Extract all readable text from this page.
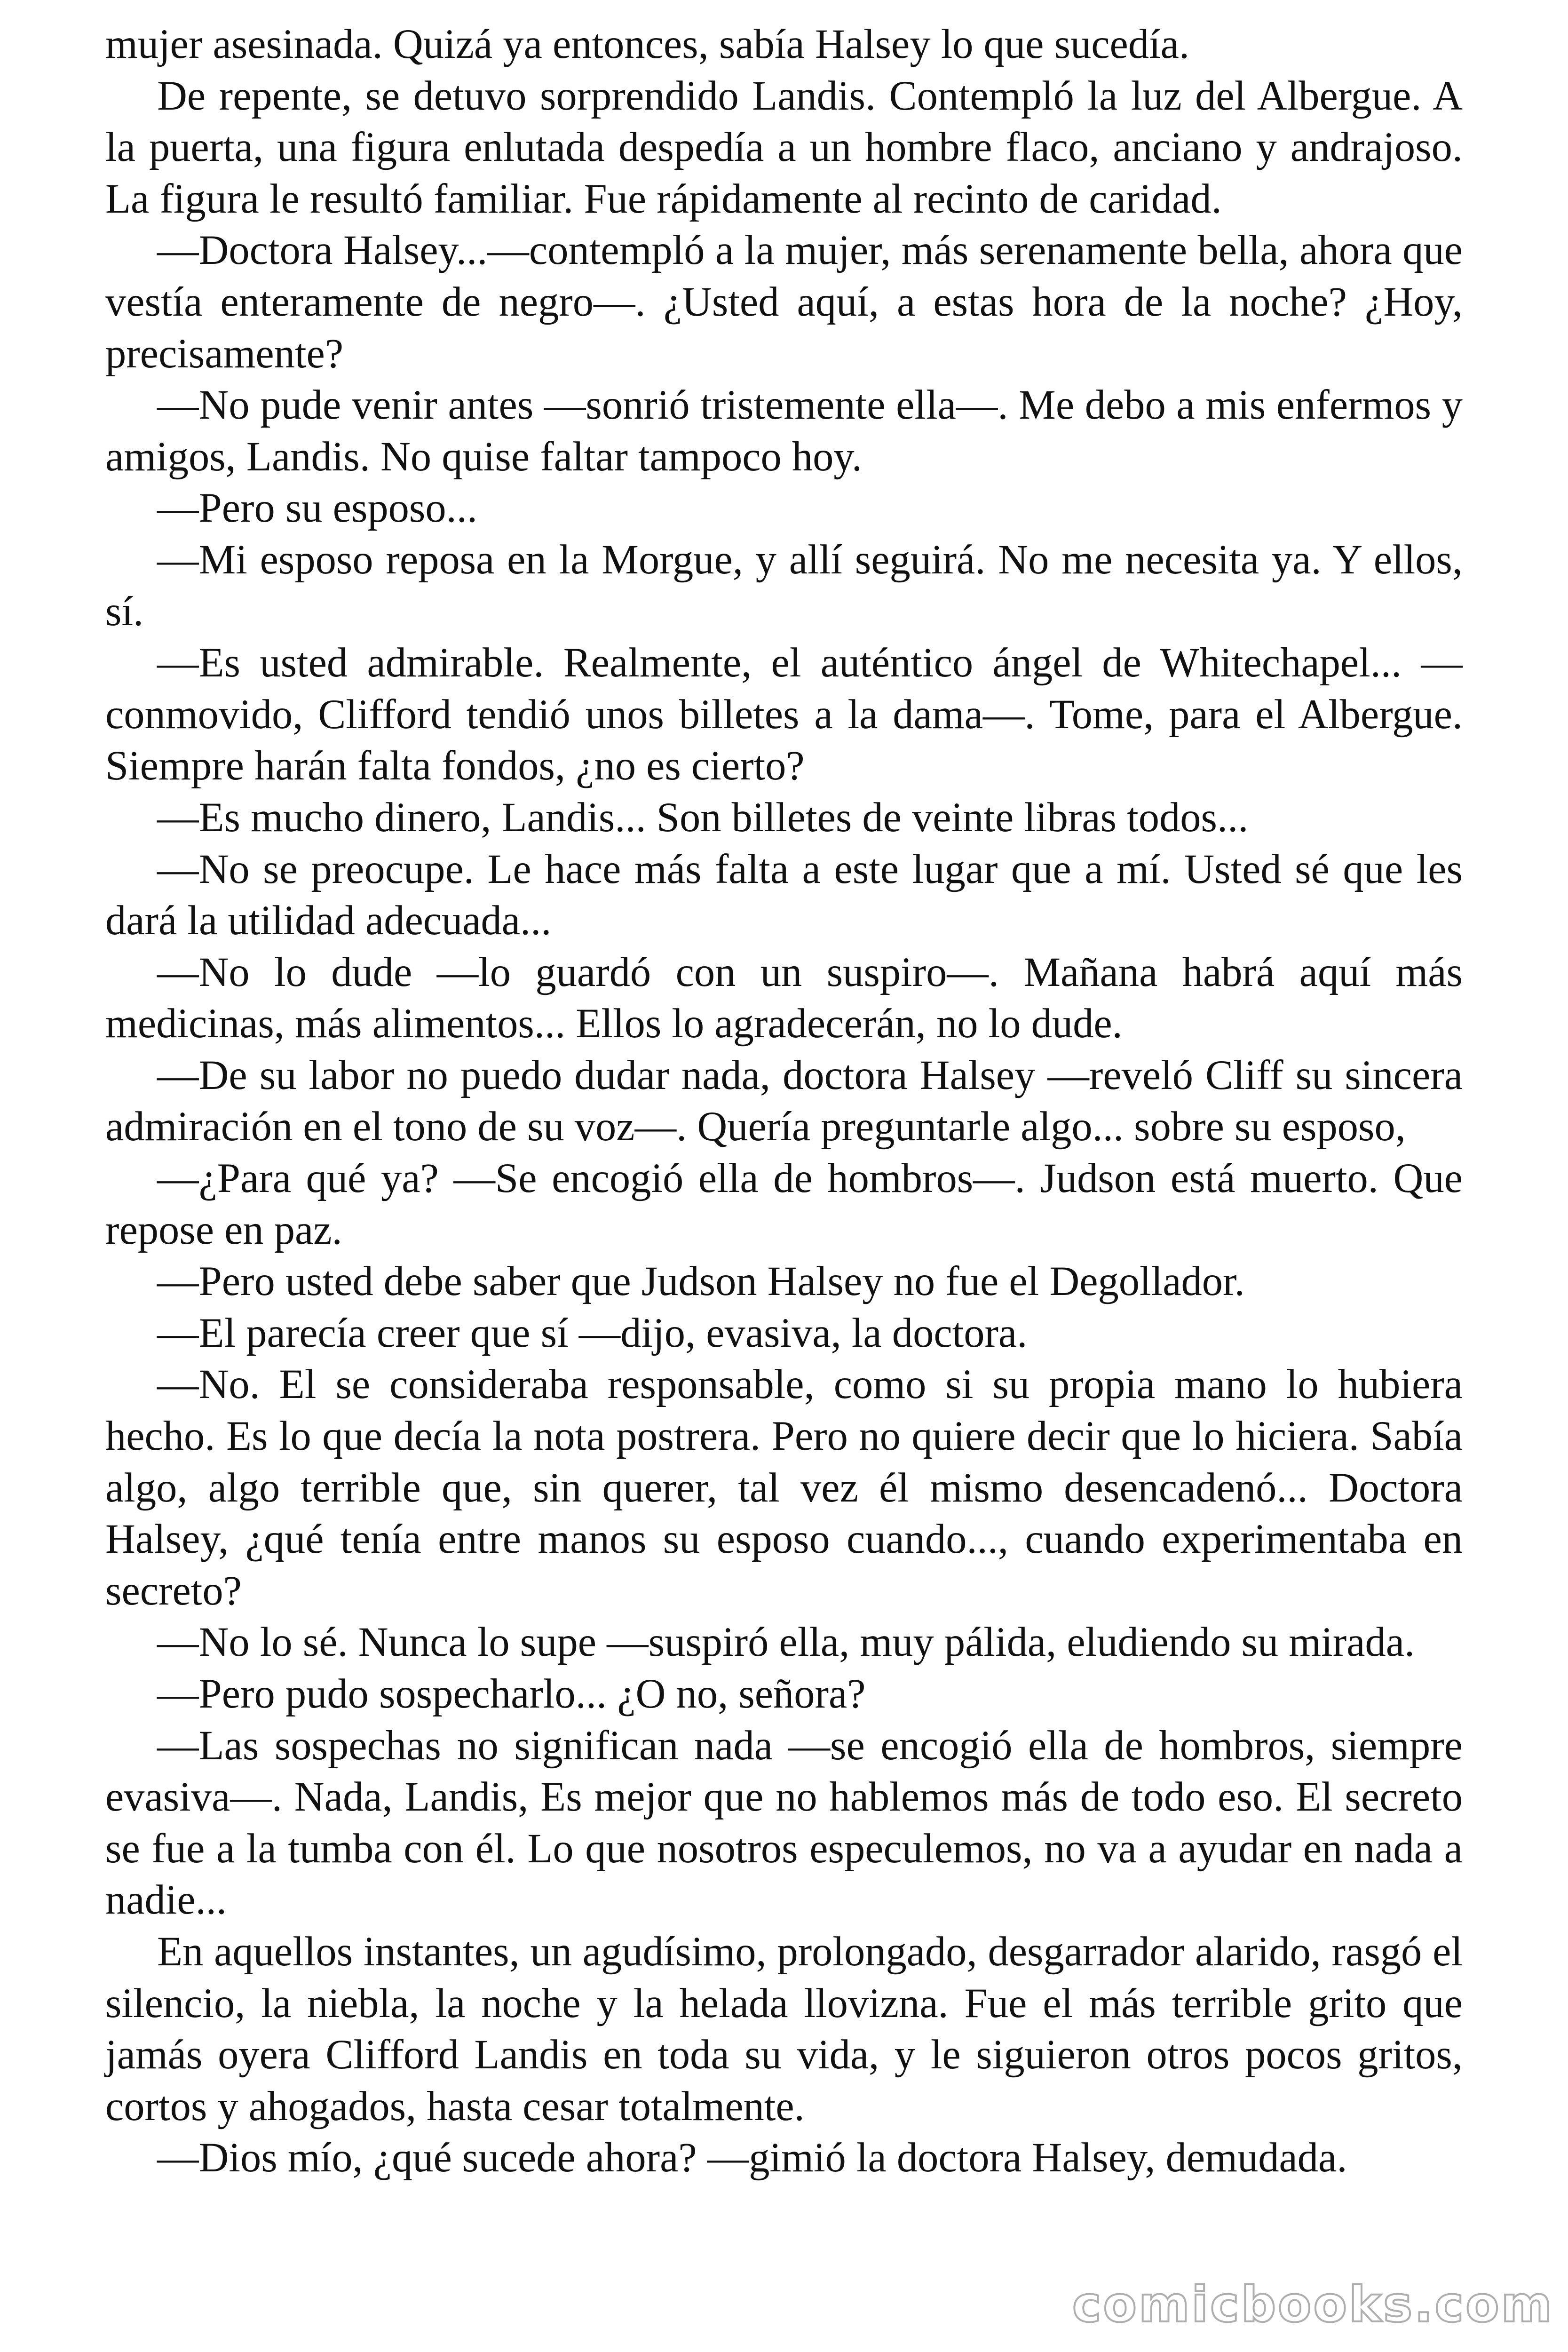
mujer asesinada. Quizá ya entonces, sabía Halsey lo que sucedía.

De repente, se detuvo sorprendido Landis. Contempló la luz del Albergue. A la puerta, una figura enlutada despedía a un hombre flaco, anciano y andrajoso. La figura le resultó familiar. Fue rápidamente al recinto de caridad.

—Doctora Halsey...—contempló a la mujer, más serenamente bella, ahora que vestía enteramente de negro—. ¿Usted aquí, a estas hora de la noche? ¿Hoy, precisamente?

—No pude venir antes —sonrió tristemente ella—. Me debo a mis enfermos y amigos, Landis. No quise faltar tampoco hoy.

—Pero su esposo...

—Mi esposo reposa en la Morgue, y allí seguirá. No me necesita ya. Y ellos, sí.

—Es usted admirable. Realmente, el auténtico ángel de Whitechapel... —conmovido, Clifford tendió unos billetes a la dama—. Tome, para el Albergue. Siempre harán falta fondos, ¿no es cierto?

—Es mucho dinero, Landis... Son billetes de veinte libras todos...

—No se preocupe. Le hace más falta a este lugar que a mí. Usted sé que les dará la utilidad adecuada...

—No lo dude —lo guardó con un suspiro—. Mañana habrá aquí más medicinas, más alimentos... Ellos lo agradecerán, no lo dude.

—De su labor no puedo dudar nada, doctora Halsey —reveló Cliff su sincera admiración en el tono de su voz—. Quería preguntarle algo... sobre su esposo,

—¿Para qué ya? —Se encogió ella de hombros—. Judson está muerto. Que repose en paz.

—Pero usted debe saber que Judson Halsey no fue el Degollador.

—El parecía creer que sí —dijo, evasiva, la doctora.

—No. El se consideraba responsable, como si su propia mano lo hubiera hecho. Es lo que decía la nota postrera. Pero no quiere decir que lo hiciera. Sabía algo, algo terrible que, sin querer, tal vez él mismo desencadenó... Doctora Halsey, ¿qué tenía entre manos su esposo cuando..., cuando experimentaba en secreto?

—No lo sé. Nunca lo supe —suspiró ella, muy pálida, eludiendo su mirada.

—Pero pudo sospecharlo... ¿O no, señora?

—Las sospechas no significan nada —se encogió ella de hombros, siempre evasiva—. Nada, Landis, Es mejor que no hablemos más de todo eso. El secreto se fue a la tumba con él. Lo que nosotros especulemos, no va a ayudar en nada a nadie...

En aquellos instantes, un agudísimo, prolongado, desgarrador alarido, rasgó el silencio, la niebla, la noche y la helada llovizna. Fue el más terrible grito que jamás oyera Clifford Landis en toda su vida, y le siguieron otros pocos gritos, cortos y ahogados, hasta cesar totalmente.

—Dios mío, ¿qué sucede ahora? —gimió la doctora Halsey, demudada.

comicbooks.com
